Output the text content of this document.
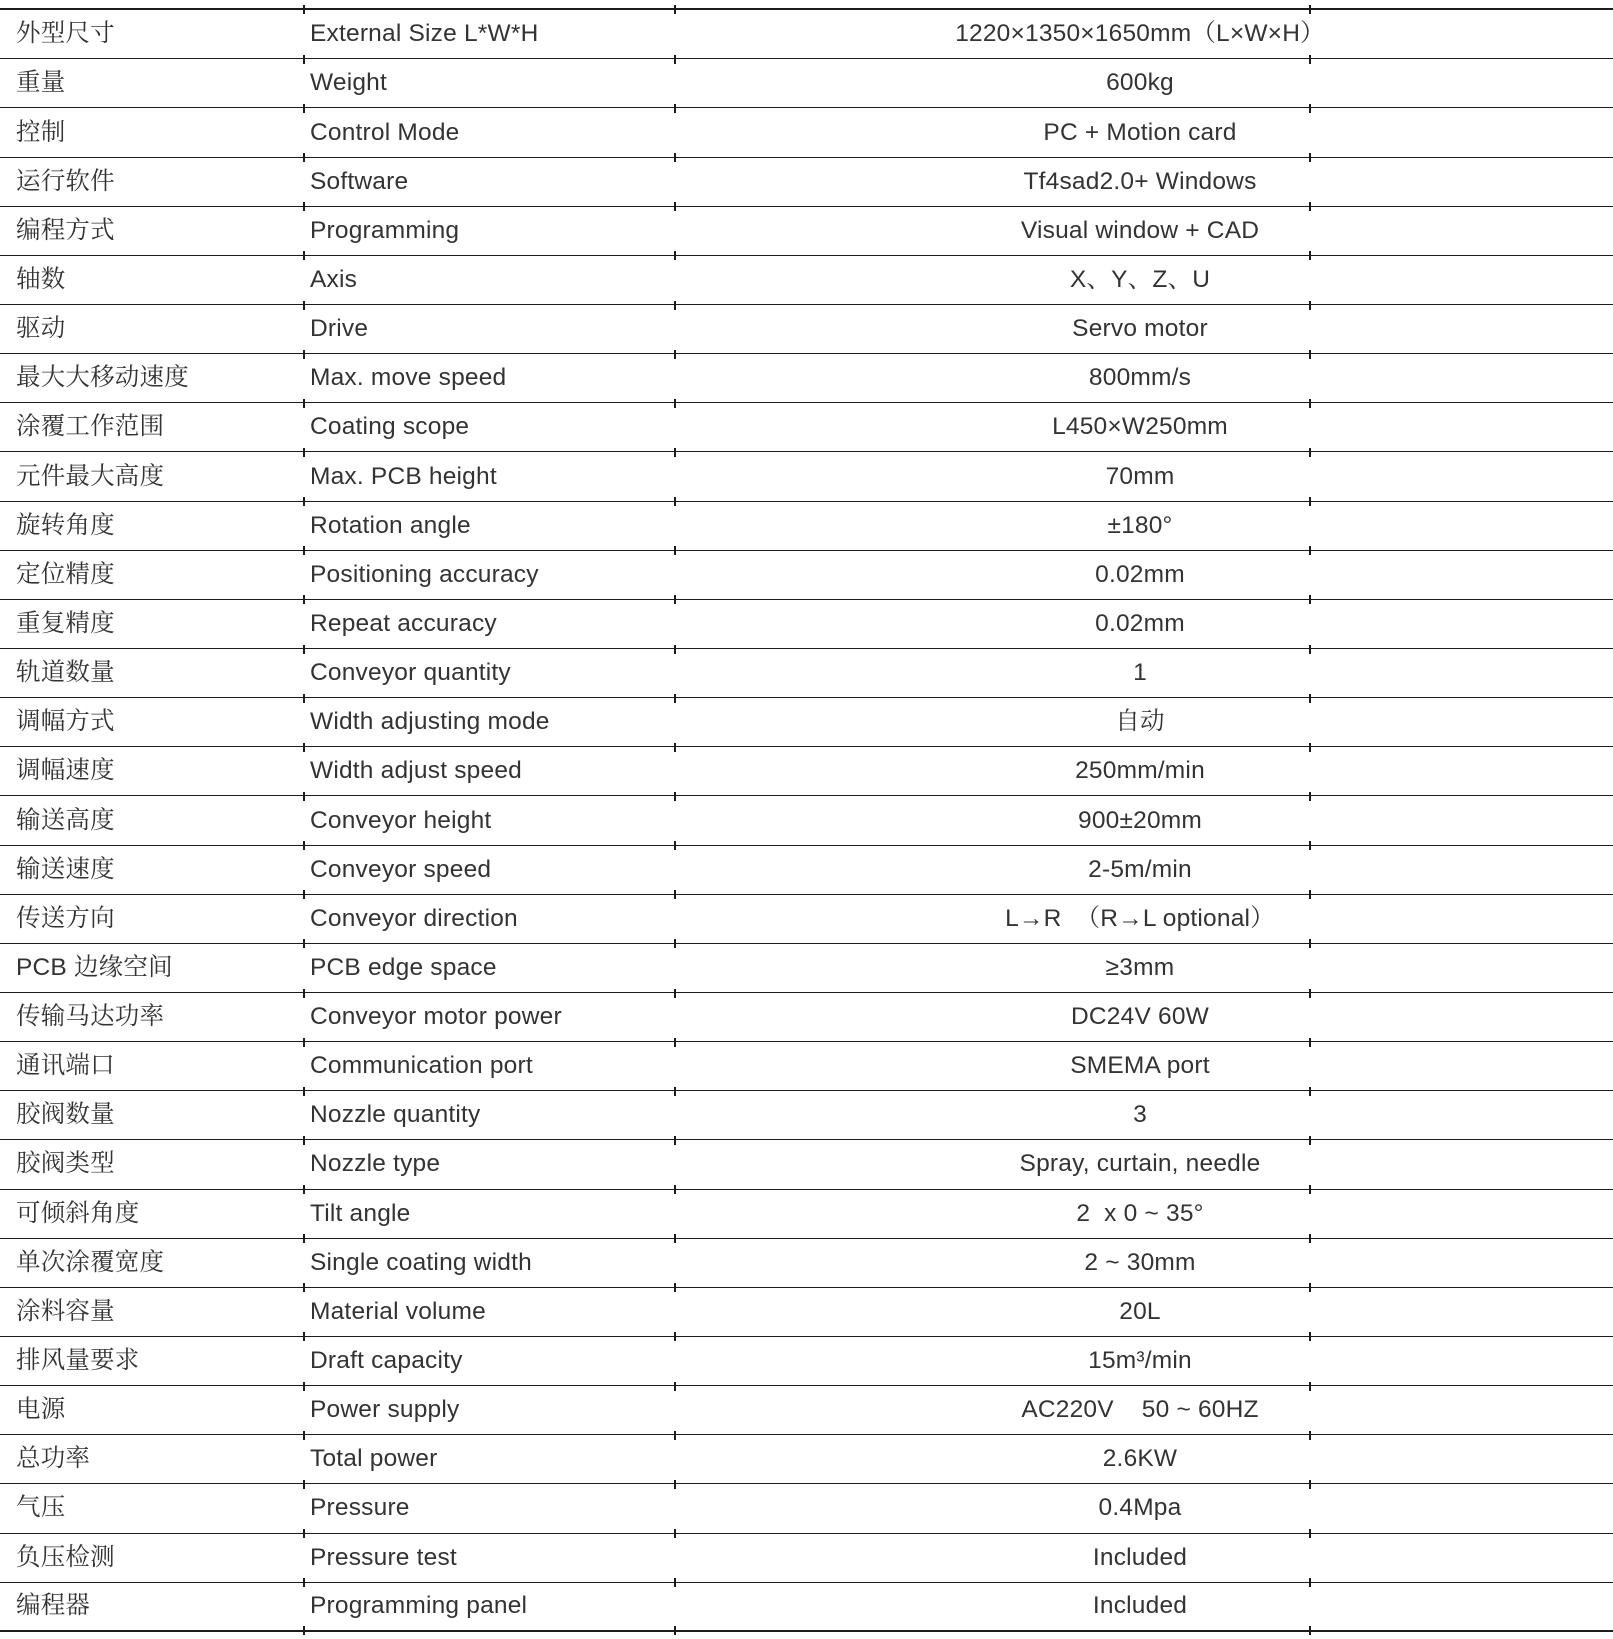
外型尺寸	External Size L*W*H	1220×1350×1650mm（L×W×H）
重量	Weight	600kg
控制	Control Mode	PC + Motion card
运行软件	Software	Tf4sad2.0+ Windows
编程方式	Programming	Visual window + CAD
轴数	Axis	X、Y、Z、U
驱动	Drive	Servo motor
最大大移动速度	Max. move speed	800mm/s
涂覆工作范围	Coating scope	L450×W250mm
元件最大高度	Max. PCB height	70mm
旋转角度	Rotation angle	±180°
定位精度	Positioning accuracy	0.02mm
重复精度	Repeat accuracy	0.02mm
轨道数量	Conveyor quantity	1
调幅方式	Width adjusting mode	自动
调幅速度	Width adjust speed	250mm/min
输送高度	Conveyor height	900±20mm
输送速度	Conveyor speed	2-5m/min
传送方向	Conveyor direction	L→R  （R→L optional）
PCB 边缘空间	PCB edge space	≥3mm
传输马达功率	Conveyor motor power	DC24V 60W
通讯端口	Communication port	SMEMA port
胶阀数量	Nozzle quantity	3
胶阀类型	Nozzle type	Spray, curtain, needle
可倾斜角度	Tilt angle	2  x 0 ~ 35°
单次涂覆宽度	Single coating width	2 ~ 30mm
涂料容量	Material volume	20L
排风量要求	Draft capacity	15m³/min
电源	Power supply	AC220V    50 ~ 60HZ
总功率	Total power	2.6KW
气压	Pressure	0.4Mpa
负压检测	Pressure test	Included
编程器	Programming panel	Included
